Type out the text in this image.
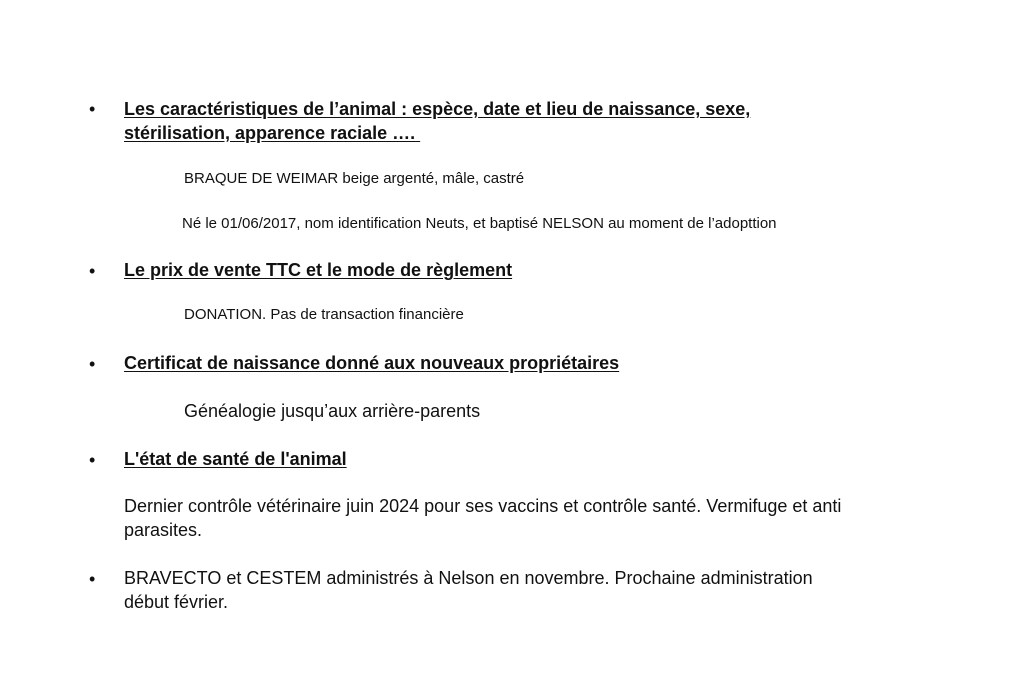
• Les caractéristiques de l’animal : espèce, date et lieu de naissance, sexe,
stérilisation, apparence raciale ….
BRAQUE DE WEIMAR beige argenté, mâle, castré
Né le 01/06/2017, nom identification Neuts, et baptisé NELSON au moment de l’adopttion
• Le prix de vente TTC et le mode de règlement
DONATION. Pas de transaction financière
• Certificat de naissance donné aux nouveaux propriétaires
Généalogie jusqu’aux arrière-parents
• L'état de santé de l'animal
Dernier contrôle vétérinaire juin 2024 pour ses vaccins et contrôle santé. Vermifuge et anti
parasites.
• BRAVECTO et CESTEM administrés à Nelson en novembre. Prochaine administration
début février.
